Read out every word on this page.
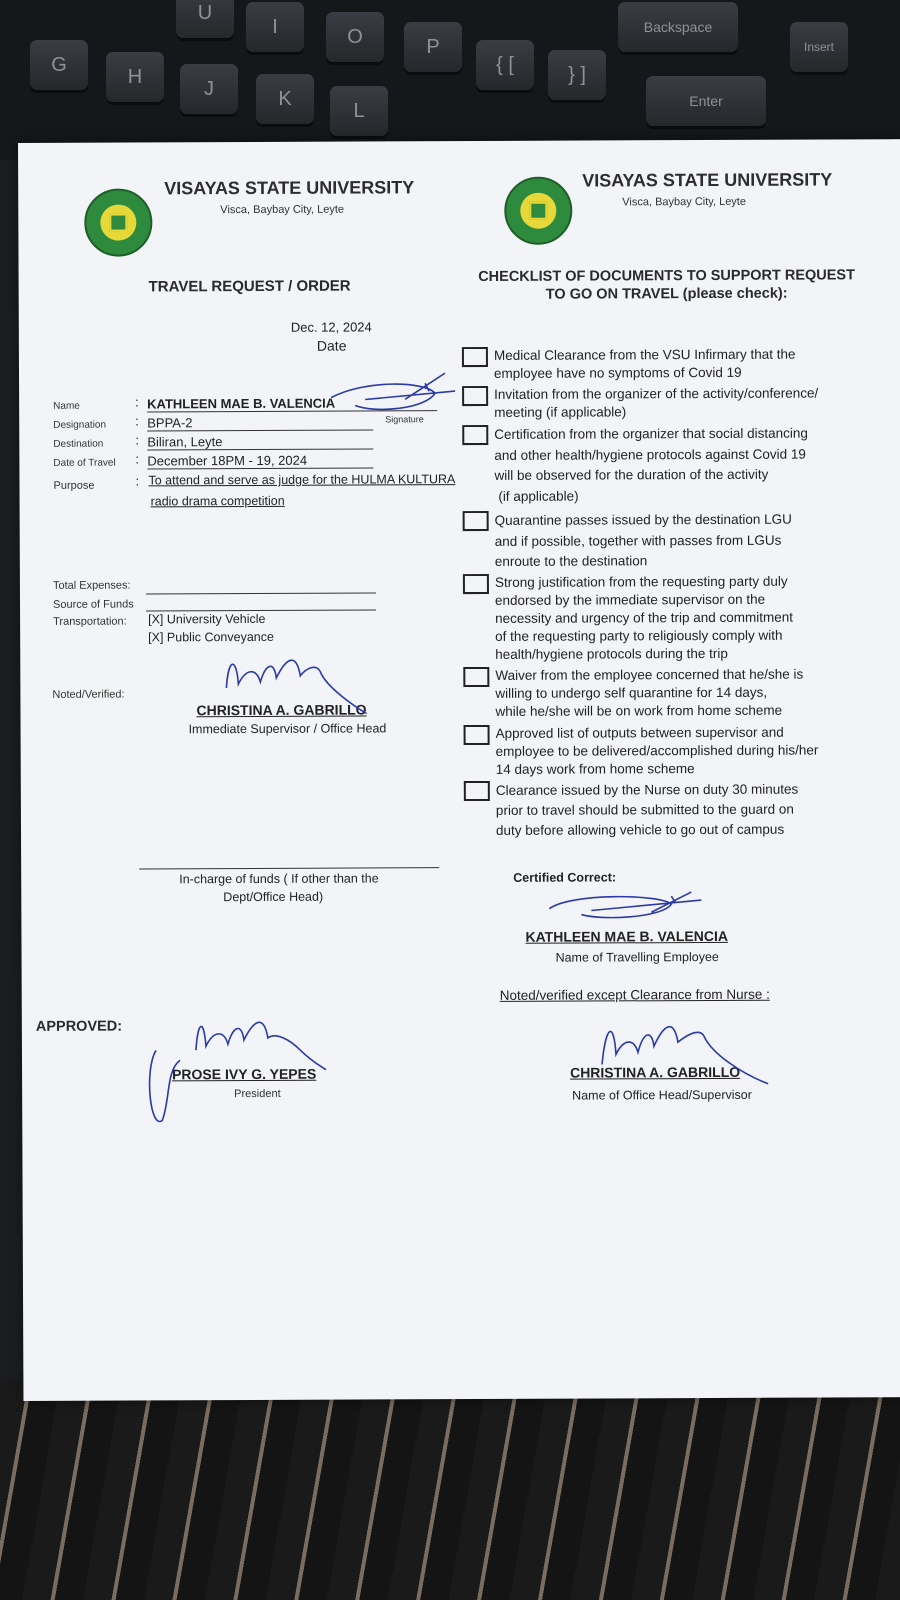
U
I	O	P
G
H
J	K
L
{ [	} ]
Backspace
Insert
Enter
VISAYAS STATE UNIVERSITY
Visca, Baybay City, Leyte
VISAYAS STATE UNIVERSITY
Visca, Baybay City, Leyte
TRAVEL REQUEST / ORDER
Dec. 12, 2024
Date
Name	: KATHLEEN MAE B. VALENCIA
Signature
Designation : BPPA-2
Destination : Biliran, Leyte
Date of Travel : December 18PM - 19, 2024
Purpose	: To attend and serve as judge for the HULMA KULTURA
radio drama competition
Total Expenses:
Source of Funds
Transportation: [X] University Vehicle
[X] Public Conveyance
Noted/Verified:
CHRISTINA A. GABRILLO
Immediate Supervisor / Office Head
In-charge of funds ( If other than the
Dept/Office Head)
APPROVED:
PROSE IVY G. YEPES
President
CHECKLIST OF DOCUMENTS TO SUPPORT REQUEST
TO GO ON TRAVEL (please check):
Medical Clearance from the VSU Infirmary that the
employee have no symptoms of Covid 19
Invitation from the organizer of the activity/conference/
meeting (if applicable)
Certification from the organizer that social distancing
and other health/hygiene protocols against Covid 19
will be observed for the duration of the activity
(if applicable)
Quarantine passes issued by the destination LGU
and if possible, together with passes from LGUs
enroute to the destination
Strong justification from the requesting party duly
endorsed by the immediate supervisor on the
necessity and urgency of the trip and commitment
of the requesting party to religiously comply with
health/hygiene protocols during the trip
Waiver from the employee concerned that he/she is
willing to undergo self quarantine for 14 days,
while he/she will be on work from home scheme
Approved list of outputs between supervisor and
employee to be delivered/accomplished during his/her
14 days work from home scheme
Clearance issued by the Nurse on duty 30 minutes
prior to travel should be submitted to the guard on
duty before allowing vehicle to go out of campus
Certified Correct:
KATHLEEN MAE B. VALENCIA
Name of Travelling Employee
Noted/verified except Clearance from Nurse :
CHRISTINA A. GABRILLO
Name of Office Head/Supervisor
